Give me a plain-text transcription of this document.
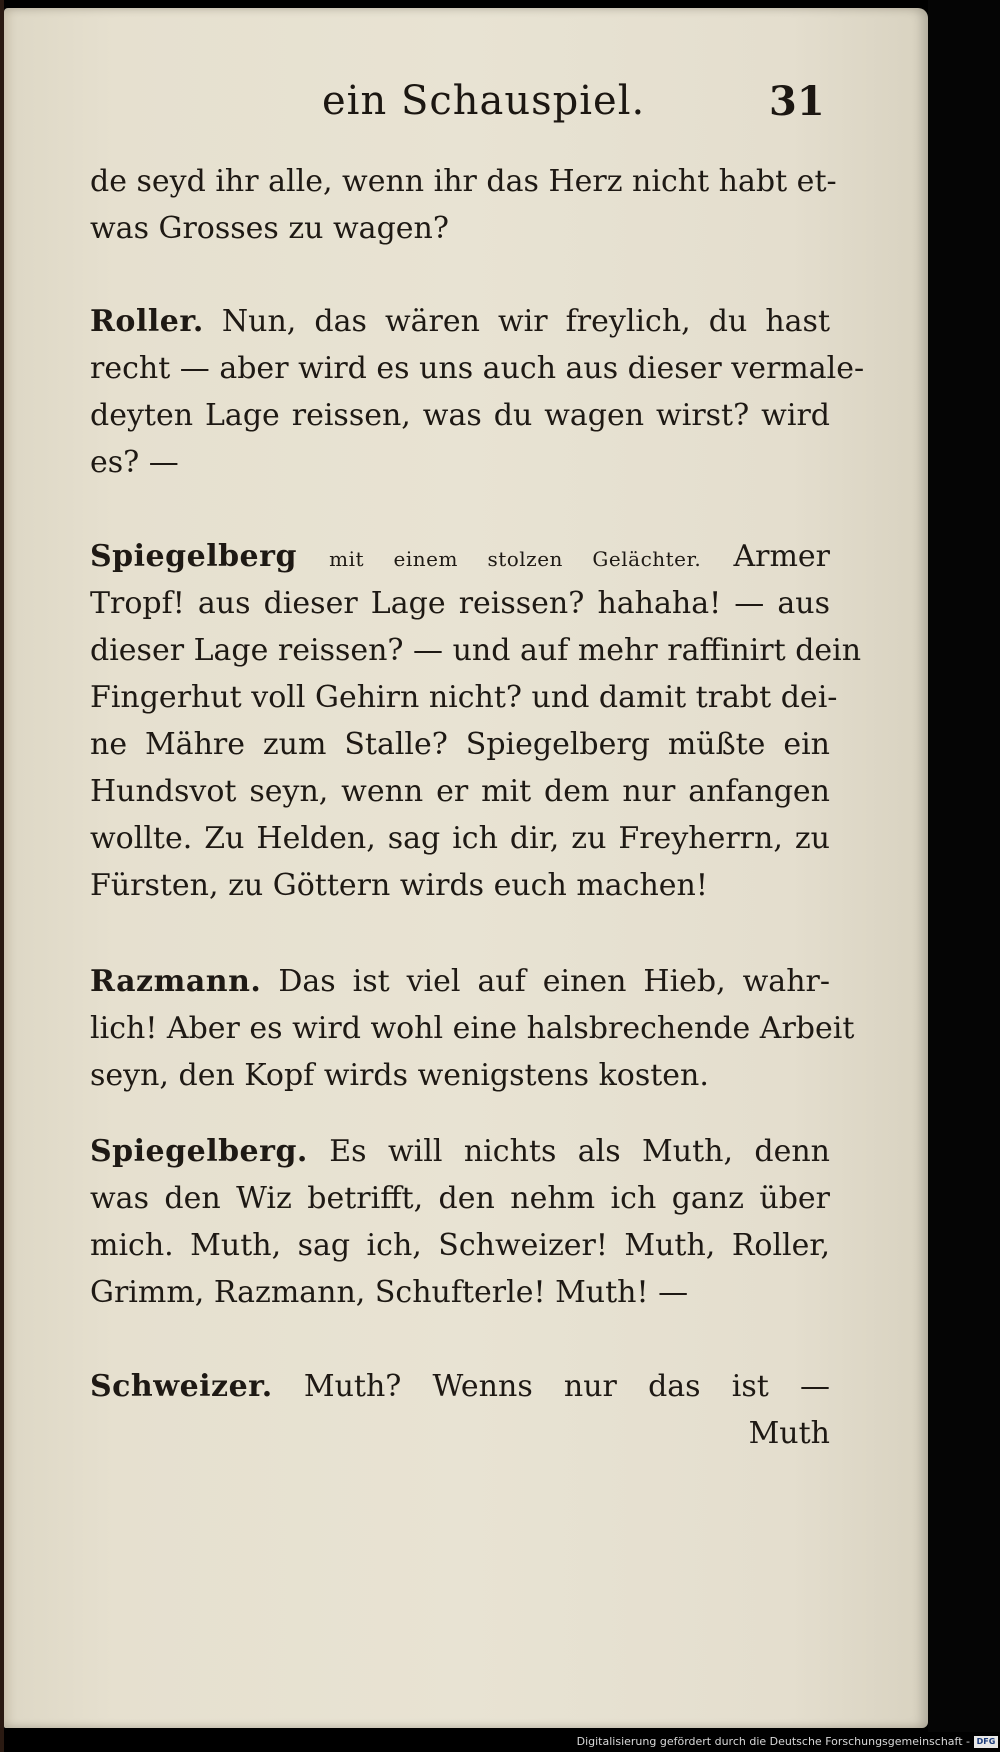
ein Schauspiel.	31
de seyd ihr alle, wenn ihr das Herz nicht habt et-
was Grosses zu wagen?
Roller. Nun, das wären wir freylich, du hast
recht — aber wird es uns auch aus dieser vermale-
deyten Lage reissen, was du wagen wirst? wird
es? —
Spiegelberg mit einem stolzen Gelächter. Armer
Tropf! aus dieser Lage reissen? hahaha! — aus
dieser Lage reissen? — und auf mehr raffinirt dein
Fingerhut voll Gehirn nicht? und damit trabt dei-
ne Mähre zum Stalle? Spiegelberg müßte ein
Hundsvot seyn, wenn er mit dem nur anfangen
wollte. Zu Helden, sag ich dir, zu Freyherrn, zu
Fürsten, zu Göttern wirds euch machen!
Razmann. Das ist viel auf einen Hieb, wahr-
lich! Aber es wird wohl eine halsbrechende Arbeit
seyn, den Kopf wirds wenigstens kosten.
Spiegelberg. Es will nichts als Muth, denn
was den Wiz betrifft, den nehm ich ganz über
mich. Muth, sag ich, Schweizer! Muth, Roller,
Grimm, Razmann, Schufterle! Muth! —
Schweizer. Muth? Wenns nur das ist —
Muth
Digitalisierung gefördert durch die Deutsche Forschungsgemeinschaft - DFG
